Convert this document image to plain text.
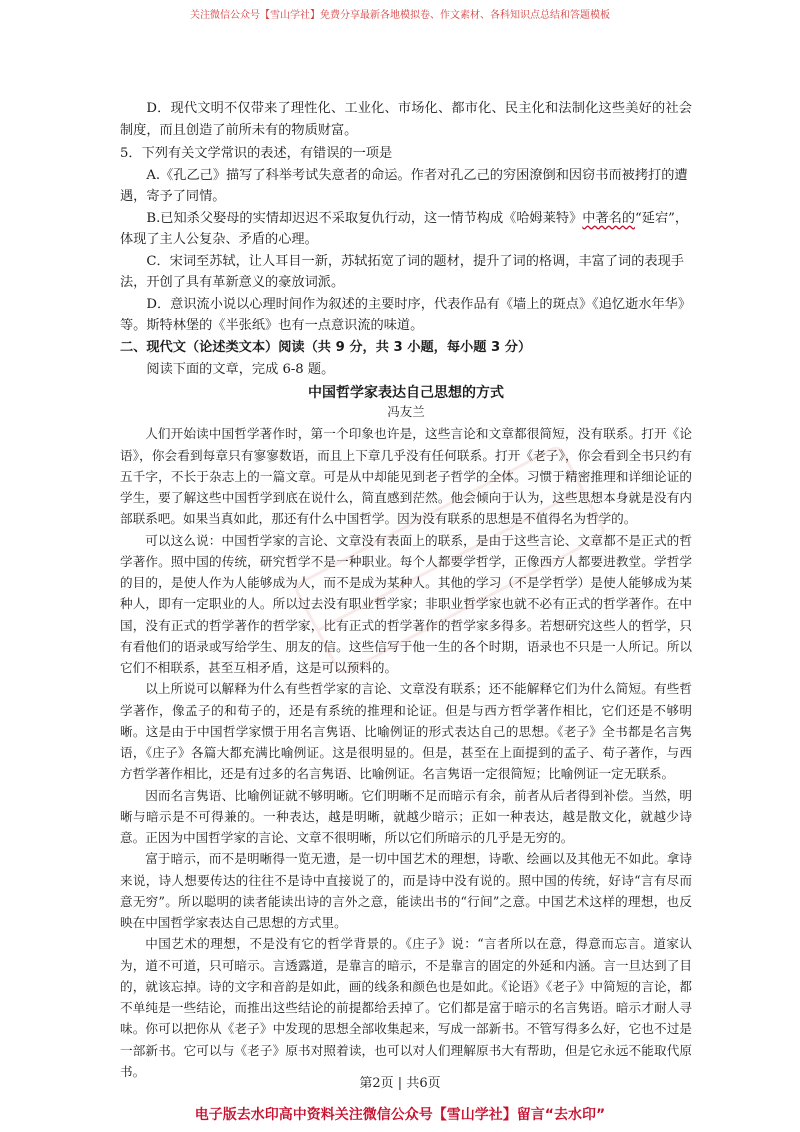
关注微信公众号【雪山学社】免费分享最新各地模拟卷、作文素材、各科知识点总结和答题模板

D．现代文明不仅带来了理性化、工业化、市场化、都市化、民主化和法制化这些美好的社会制度，而且创造了前所未有的物质财富。

5．下列有关文学常识的表述，有错误的一项是

A.《孔乙己》描写了科举考试失意者的命运。作者对孔乙己的穷困潦倒和因窃书而被拷打的遭遇，寄予了同情。

B.已知杀父娶母的实情却迟迟不采取复仇行动，这一情节构成《哈姆莱特》中著名的“延宕”，体现了主人公复杂、矛盾的心理。

C．宋词至苏轼，让人耳目一新，苏轼拓宽了词的题材，提升了词的格调，丰富了词的表现手法，开创了具有革新意义的豪放词派。

D．意识流小说以心理时间作为叙述的主要时序，代表作品有《墙上的斑点》《追忆逝水年华》等。斯特林堡的《半张纸》也有一点意识流的味道。

二、现代文（论述类文本）阅读（共 9 分，共 3 小题，每小题 3 分）

阅读下面的文章，完成 6-8 题。

中国哲学家表达自己思想的方式
冯友兰

人们开始读中国哲学著作时，第一个印象也许是，这些言论和文章都很简短，没有联系。打开《论语》，你会看到每章只有寥寥数语，而且上下章几乎没有任何联系。打开《老子》，你会看到全书只约有五千字，不长于杂志上的一篇文章。可是从中却能见到老子哲学的全体。习惯于精密推理和详细论证的学生，要了解这些中国哲学到底在说什么，简直感到茫然。他会倾向于认为，这些思想本身就是没有内部联系吧。如果当真如此，那还有什么中国哲学。因为没有联系的思想是不值得名为哲学的。

可以这么说：中国哲学家的言论、文章没有表面上的联系，是由于这些言论、文章都不是正式的哲学著作。照中国的传统，研究哲学不是一种职业。每个人都要学哲学，正像西方人都要进教堂。学哲学的目的，是使人作为人能够成为人，而不是成为某种人。其他的学习（不是学哲学）是使人能够成为某种人，即有一定职业的人。所以过去没有职业哲学家；非职业哲学家也就不必有正式的哲学著作。在中国，没有正式的哲学著作的哲学家，比有正式的哲学著作的哲学家多得多。若想研究这些人的哲学，只有看他们的语录或写给学生、朋友的信。这些信写于他一生的各个时期，语录也不只是一人所记。所以它们不相联系，甚至互相矛盾，这是可以预料的。

以上所说可以解释为什么有些哲学家的言论、文章没有联系；还不能解释它们为什么简短。有些哲学著作，像孟子的和荀子的，还是有系统的推理和论证。但是与西方哲学著作相比，它们还是不够明晰。这是由于中国哲学家惯于用名言隽语、比喻例证的形式表达自己的思想。《老子》全书都是名言隽语，《庄子》各篇大都充满比喻例证。这是很明显的。但是，甚至在上面提到的孟子、荀子著作，与西方哲学著作相比，还是有过多的名言隽语、比喻例证。名言隽语一定很简短；比喻例证一定无联系。

因而名言隽语、比喻例证就不够明晰。它们明晰不足而暗示有余，前者从后者得到补偿。当然，明晰与暗示是不可得兼的。一种表达，越是明晰，就越少暗示；正如一种表达，越是散文化，就越少诗意。正因为中国哲学家的言论、文章不很明晰，所以它们所暗示的几乎是无穷的。

富于暗示，而不是明晰得一览无遗，是一切中国艺术的理想，诗歌、绘画以及其他无不如此。拿诗来说，诗人想要传达的往往不是诗中直接说了的，而是诗中没有说的。照中国的传统，好诗“言有尽而意无穷”。所以聪明的读者能读出诗的言外之意，能读出书的“行间”之意。中国艺术这样的理想，也反映在中国哲学家表达自己思想的方式里。

中国艺术的理想，不是没有它的哲学背景的。《庄子》说：“言者所以在意，得意而忘言。道家认为，道不可道，只可暗示。言透露道，是靠言的暗示，不是靠言的固定的外延和内涵。言一旦达到了目的，就该忘掉。诗的文字和音韵是如此，画的线条和颜色也是如此。《论语》《老子》中简短的言论，都不单纯是一些结论，而推出这些结论的前提都给丢掉了。它们都是富于暗示的名言隽语。暗示才耐人寻味。你可以把你从《老子》中发现的思想全部收集起来，写成一部新书。不管写得多么好，它也不过是一部新书。它可以与《老子》原书对照着读，也可以对人们理解原书大有帮助，但是它永远不能取代原书。

第2页 | 共6页
电子版去水印高中资料关注微信公众号【雪山学社】留言“去水印”
